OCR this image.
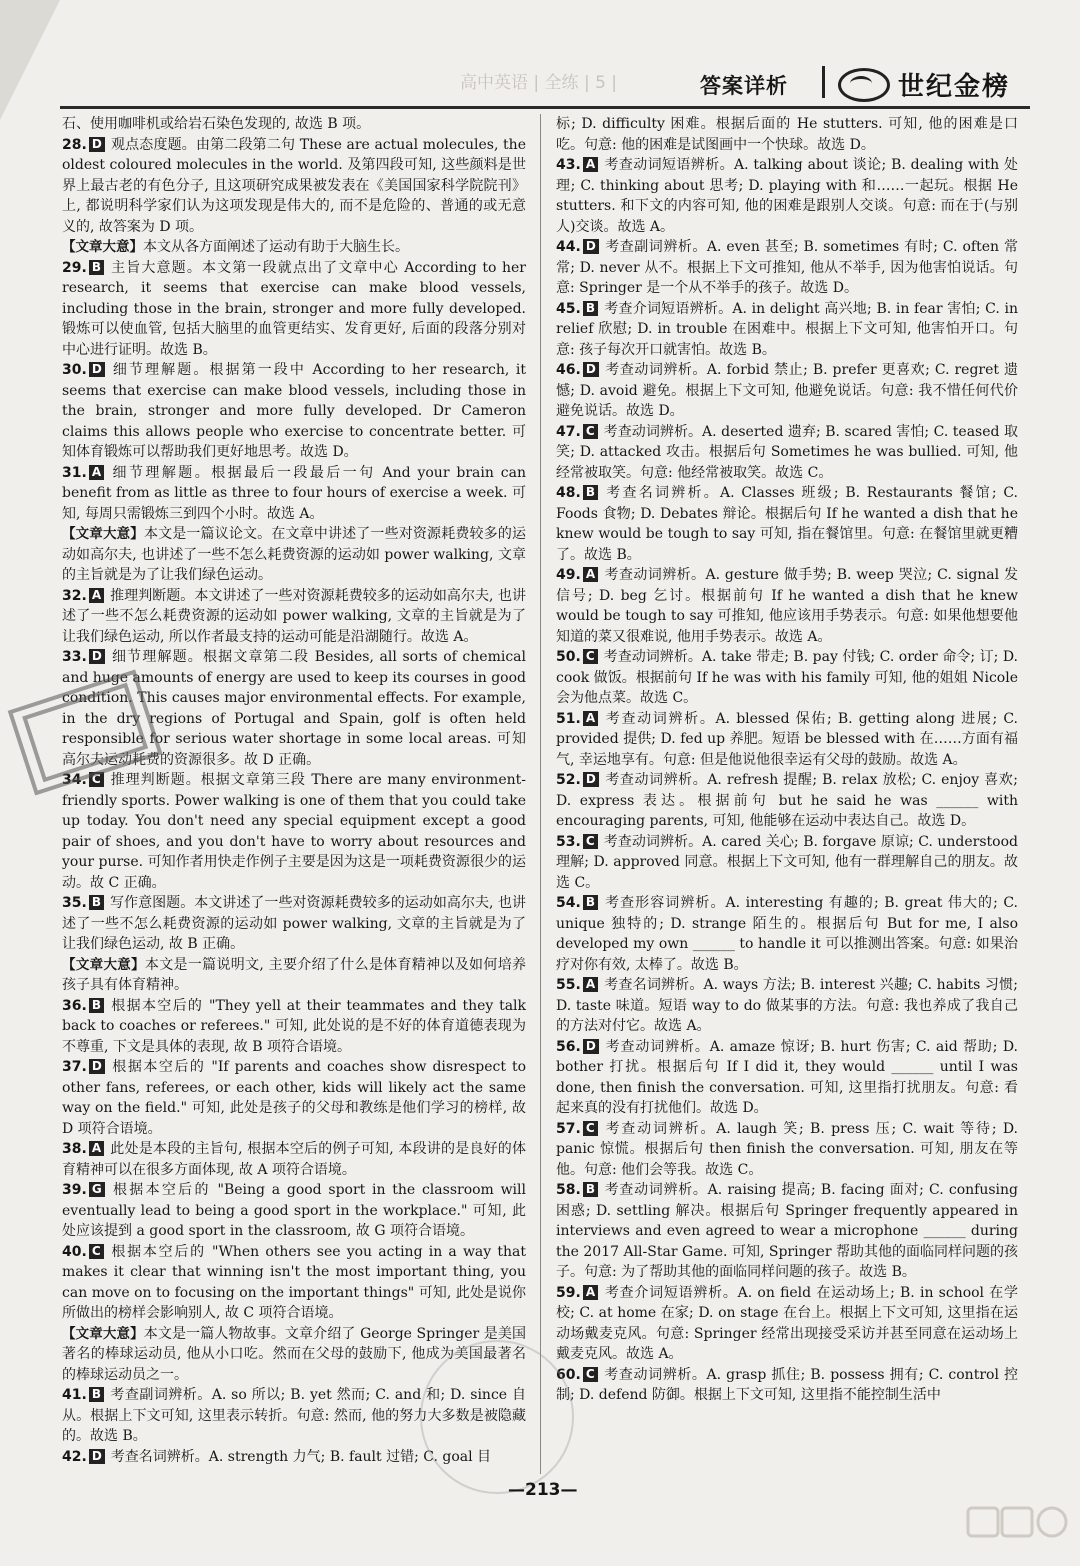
高中英语 | 全练 | 5 |	答案详析	世纪金榜

石、使用咖啡机或给岩石染色发现的, 故选 B 项。

28. D 观点态度题。由第二段第二句 These are actual molecules, the oldest coloured molecules in the world. 及第四段可知, 这些颜料是世界上最古老的有色分子, 且这项研究成果被发表在《美国国家科学院院刊》上, 都说明科学家们认为这项发现是伟大的, 而不是危险的、普通的或无意义的, 故答案为 D 项。

【文章大意】本文从各方面阐述了运动有助于大脑生长。

29. B 主旨大意题。本文第一段就点出了文章中心 According to her research, it seems that exercise can make blood vessels, including those in the brain, stronger and more fully developed. 锻炼可以使血管, 包括大脑里的血管更结实、发育更好, 后面的段落分别对中心进行证明。故选 B。

30. D 细节理解题。根据第一段中 According to her research, it seems that exercise can make blood vessels, including those in the brain, stronger and more fully developed. Dr Cameron claims this allows people who exercise to concentrate better. 可知体育锻炼可以帮助我们更好地思考。故选 D。

31. A 细节理解题。根据最后一段最后一句 And your brain can benefit from as little as three to four hours of exercise a week. 可知, 每周只需锻炼三到四个小时。故选 A。

【文章大意】本文是一篇议论文。在文章中讲述了一些对资源耗费较多的运动如高尔夫, 也讲述了一些不怎么耗费资源的运动如 power walking, 文章的主旨就是为了让我们绿色运动。

32. A 推理判断题。本文讲述了一些对资源耗费较多的运动如高尔夫, 也讲述了一些不怎么耗费资源的运动如 power walking, 文章的主旨就是为了让我们绿色运动, 所以作者最支持的运动可能是沿湖随行。故选 A。

33. D 细节理解题。根据文章第二段 Besides, all sorts of chemical and huge amounts of energy are used to keep its courses in good condition. This causes major environmental effects. For example, in the dry regions of Portugal and Spain, golf is often held responsible for serious water shortage in some local areas. 可知高尔夫运动耗费的资源很多。故 D 正确。

34. C 推理判断题。根据文章第三段 There are many environment-friendly sports. Power walking is one of them that you could take up today. You don't need any special equipment except a good pair of shoes, and you don't have to worry about resources and your purse. 可知作者用快走作例子主要是因为这是一项耗费资源很少的运动。故 C 正确。

35. B 写作意图题。本文讲述了一些对资源耗费较多的运动如高尔夫, 也讲述了一些不怎么耗费资源的运动如 power walking, 文章的主旨就是为了让我们绿色运动, 故 B 正确。

【文章大意】本文是一篇说明文, 主要介绍了什么是体育精神以及如何培养孩子具有体育精神。

36. B 根据本空后的 "They yell at their teammates and they talk back to coaches or referees." 可知, 此处说的是不好的体育道德表现为不尊重, 下文是具体的表现, 故 B 项符合语境。

37. D 根据本空后的 "If parents and coaches show disrespect to other fans, referees, or each other, kids will likely act the same way on the field." 可知, 此处是孩子的父母和教练是他们学习的榜样, 故 D 项符合语境。

38. A 此处是本段的主旨句, 根据本空后的例子可知, 本段讲的是良好的体育精神可以在很多方面体现, 故 A 项符合语境。

39. G 根据本空后的 "Being a good sport in the classroom will eventually lead to being a good sport in the workplace." 可知, 此处应该提到 a good sport in the classroom, 故 G 项符合语境。

40. C 根据本空后的 "When others see you acting in a way that makes it clear that winning isn't the most important thing, you can move on to focusing on the important things" 可知, 此处是说你所做出的榜样会影响别人, 故 C 项符合语境。

【文章大意】本文是一篇人物故事。文章介绍了 George Springer 是美国著名的棒球运动员, 他从小口吃。然而在父母的鼓励下, 他成为美国最著名的棒球运动员之一。

41. B 考查副词辨析。A. so 所以; B. yet 然而; C. and 和; D. since 自从。根据上下文可知, 这里表示转折。句意: 然而, 他的努力大多数是被隐藏的。故选 B。

42. D 考查名词辨析。A. strength 力气; B. fault 过错; C. goal 目

标; D. difficulty 困难。根据后面的 He stutters. 可知, 他的困难是口吃。句意: 他的困难是试图画中一个快球。故选 D。

43. A 考查动词短语辨析。A. talking about 谈论; B. dealing with 处理; C. thinking about 思考; D. playing with 和……一起玩。根据 He stutters. 和下文的内容可知, 他的困难是跟别人交谈。句意: 而在于(与别人)交谈。故选 A。

44. D 考查副词辨析。A. even 甚至; B. sometimes 有时; C. often 常常; D. never 从不。根据上下文可推知, 他从不举手, 因为他害怕说话。句意: Springer 是一个从不举手的孩子。故选 D。

45. B 考查介词短语辨析。A. in delight 高兴地; B. in fear 害怕; C. in relief 欣慰; D. in trouble 在困难中。根据上下文可知, 他害怕开口。句意: 孩子每次开口就害怕。故选 B。

46. D 考查动词辨析。A. forbid 禁止; B. prefer 更喜欢; C. regret 遗憾; D. avoid 避免。根据上下文可知, 他避免说话。句意: 我不惜任何代价避免说话。故选 D。

47. C 考查动词辨析。A. deserted 遗弃; B. scared 害怕; C. teased 取笑; D. attacked 攻击。根据后句 Sometimes he was bullied. 可知, 他经常被取笑。句意: 他经常被取笑。故选 C。

48. B 考查名词辨析。A. Classes 班级; B. Restaurants 餐馆; C. Foods 食物; D. Debates 辩论。根据后句 If he wanted a dish that he knew would be tough to say 可知, 指在餐馆里。句意: 在餐馆里就更糟了。故选 B。

49. A 考查动词辨析。A. gesture 做手势; B. weep 哭泣; C. signal 发信号; D. beg 乞讨。根据前句 If he wanted a dish that he knew would be tough to say 可推知, 他应该用手势表示。句意: 如果他想要他知道的菜又很难说, 他用手势表示。故选 A。

50. C 考查动词辨析。A. take 带走; B. pay 付钱; C. order 命令; 订; D. cook 做饭。根据前句 If he was with his family 可知, 他的姐姐 Nicole 会为他点菜。故选 C。

51. A 考查动词辨析。A. blessed 保佑; B. getting along 进展; C. provided 提供; D. fed up 养肥。短语 be blessed with 在……方面有福气, 幸运地享有。句意: 但是他说他很幸运有父母的鼓励。故选 A。

52. D 考查动词辨析。A. refresh 提醒; B. relax 放松; C. enjoy 喜欢; D. express 表达。根据前句 but he said he was ______ with encouraging parents, 可知, 他能够在运动中表达自己。故选 D。

53. C 考查动词辨析。A. cared 关心; B. forgave 原谅; C. understood 理解; D. approved 同意。根据上下文可知, 他有一群理解自己的朋友。故选 C。

54. B 考查形容词辨析。A. interesting 有趣的; B. great 伟大的; C. unique 独特的; D. strange 陌生的。根据后句 But for me, I also developed my own ______ to handle it 可以推测出答案。句意: 如果治疗对你有效, 太棒了。故选 B。

55. A 考查名词辨析。A. ways 方法; B. interest 兴趣; C. habits 习惯; D. taste 味道。短语 way to do 做某事的方法。句意: 我也养成了我自己的方法对付它。故选 A。

56. D 考查动词辨析。A. amaze 惊讶; B. hurt 伤害; C. aid 帮助; D. bother 打扰。根据后句 If I did it, they would ______ until I was done, then finish the conversation. 可知, 这里指打扰朋友。句意: 看起来真的没有打扰他们。故选 D。

57. C 考查动词辨析。A. laugh 笑; B. press 压; C. wait 等待; D. panic 惊慌。根据后句 then finish the conversation. 可知, 朋友在等他。句意: 他们会等我。故选 C。

58. B 考查动词辨析。A. raising 提高; B. facing 面对; C. confusing 困惑; D. settling 解决。根据后句 Springer frequently appeared in interviews and even agreed to wear a microphone ______ during the 2017 All-Star Game. 可知, Springer 帮助其他的面临同样问题的孩子。句意: 为了帮助其他的面临同样问题的孩子。故选 B。

59. A 考查介词短语辨析。A. on field 在运动场上; B. in school 在学校; C. at home 在家; D. on stage 在台上。根据上下文可知, 这里指在运动场戴麦克风。句意: Springer 经常出现接受采访并甚至同意在运动场上戴麦克风。故选 A。

60. C 考查动词辨析。A. grasp 抓住; B. possess 拥有; C. control 控制; D. defend 防御。根据上下文可知, 这里指不能控制生活中

—213—
